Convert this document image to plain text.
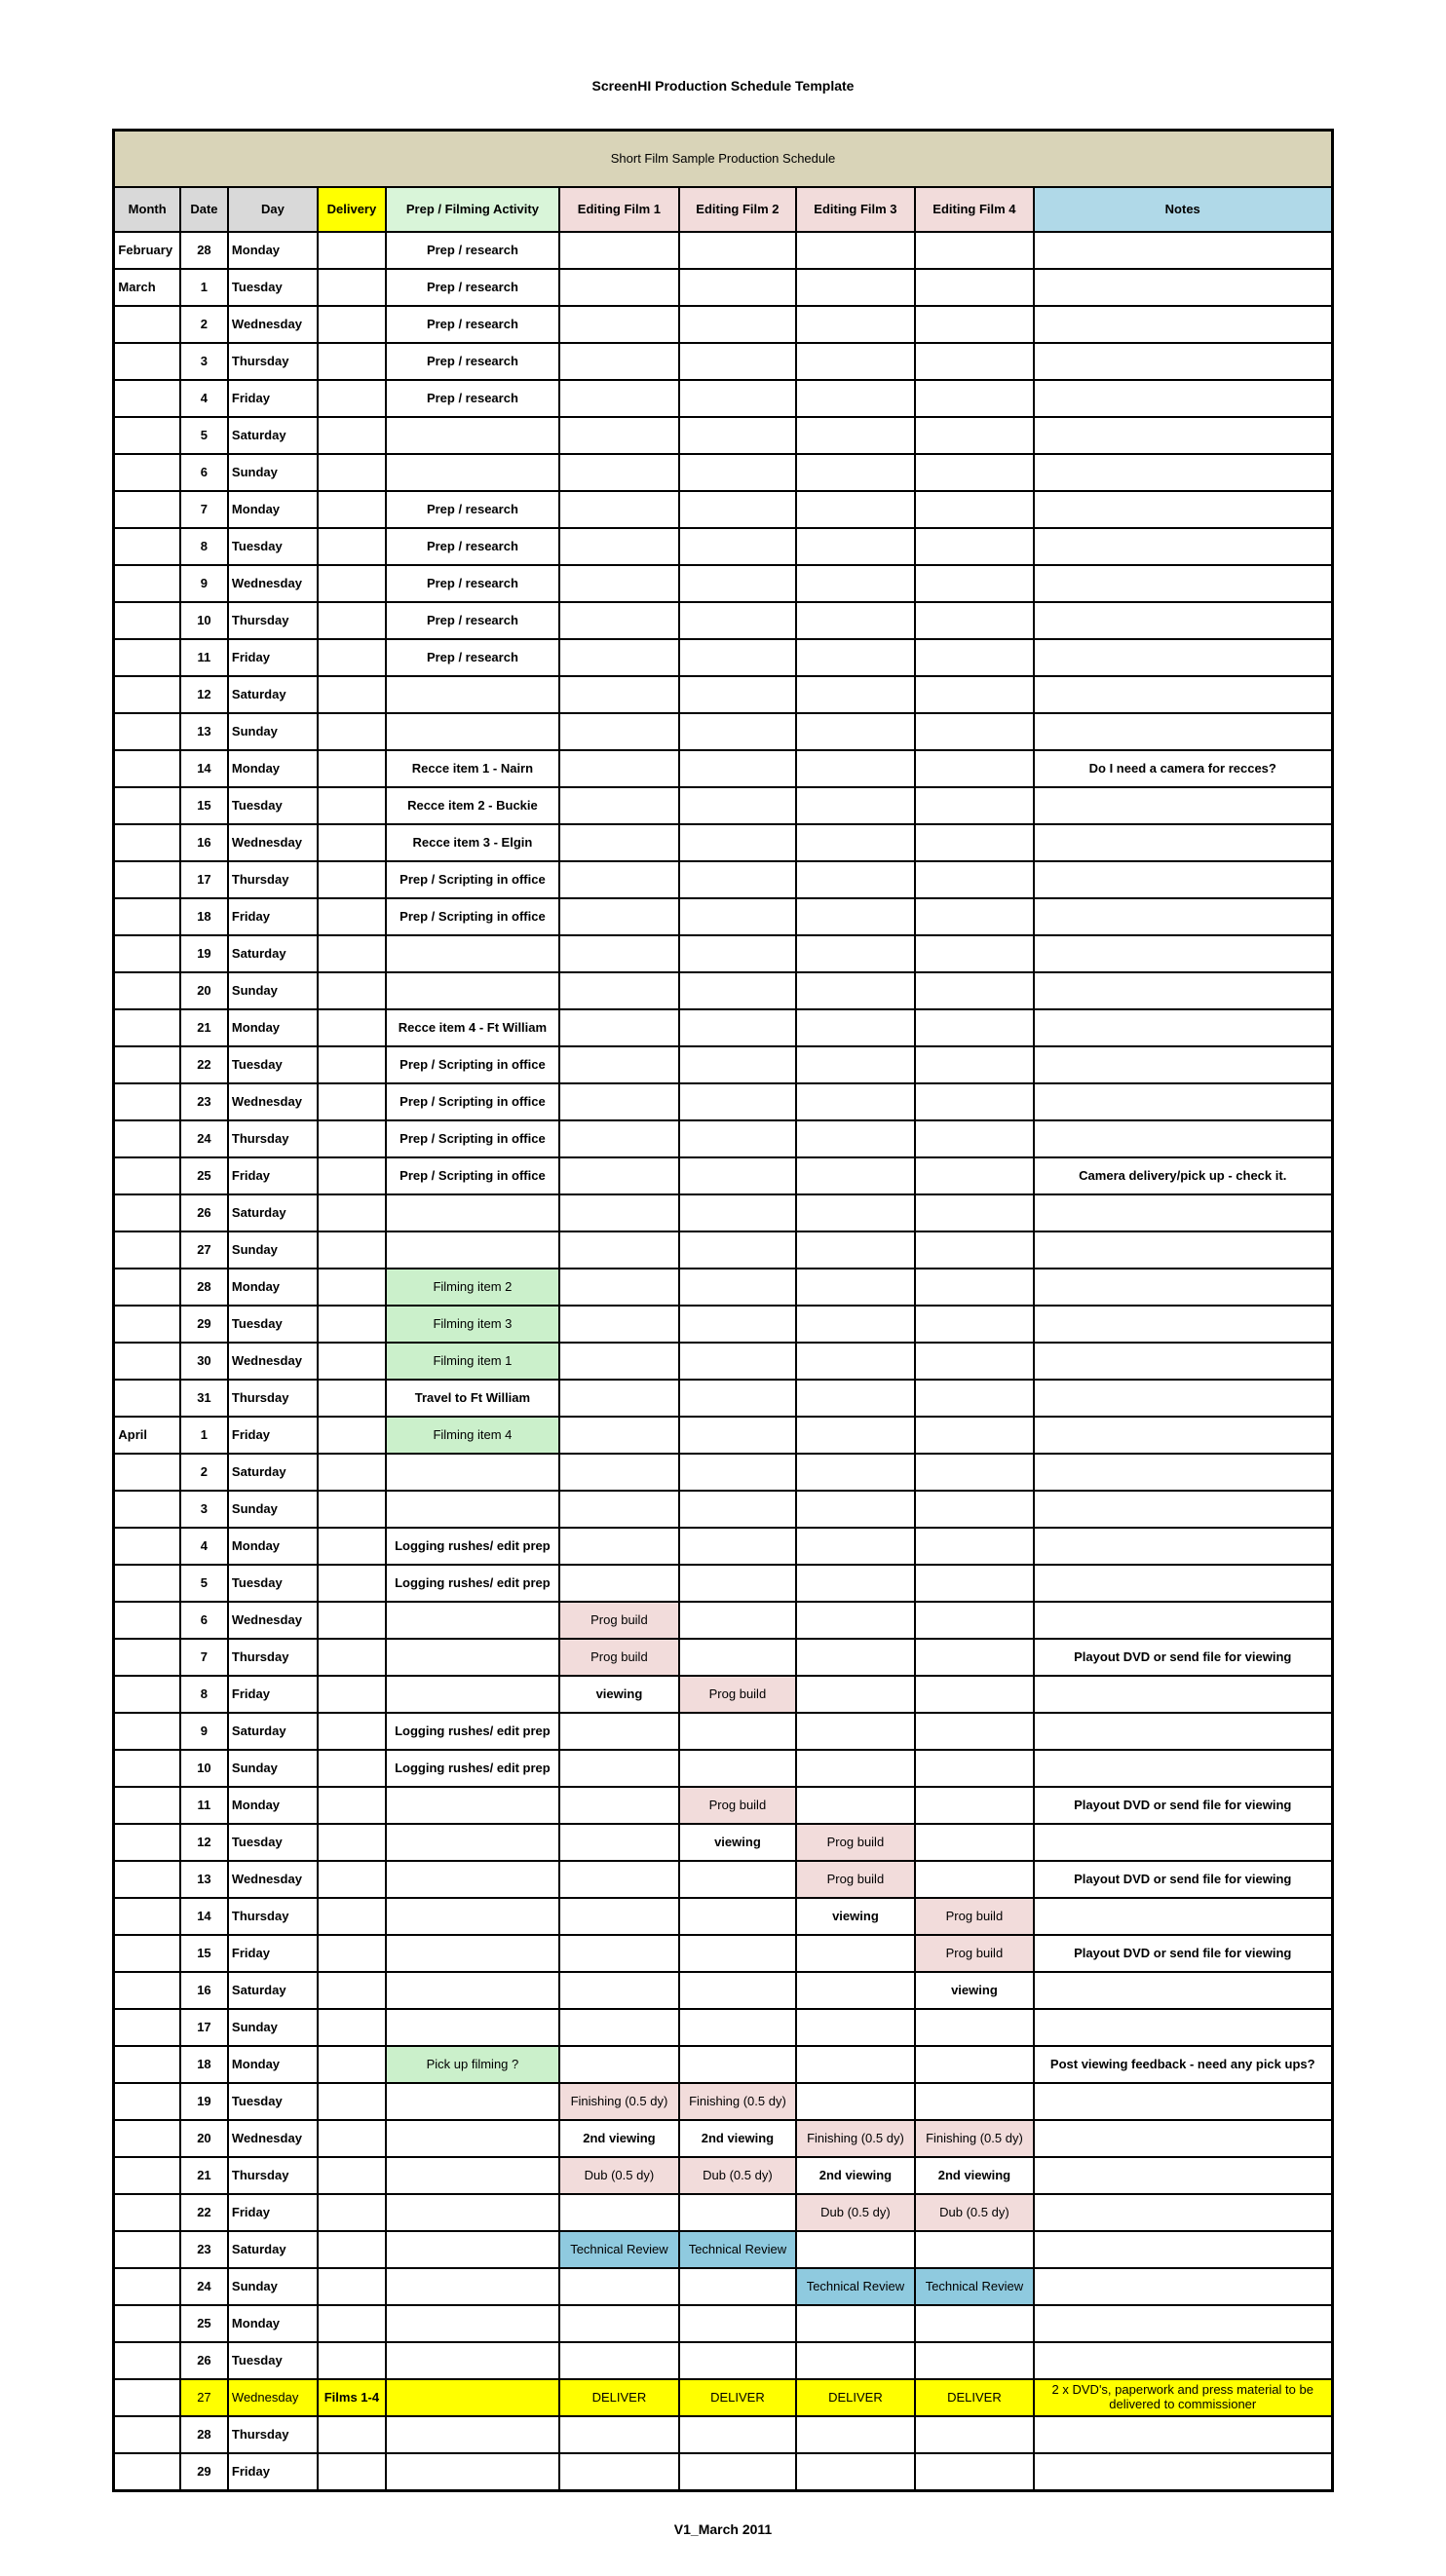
ScreenHI Production Schedule Template
Short Film Sample Production Schedule									
Month	Date	Day	Delivery	Prep / Filming Activity	Editing Film 1	Editing Film 2	Editing Film 3	Editing Film 4	Notes
February	28	Monday		Prep / research					
March	1	Tuesday		Prep / research					
	2	Wednesday		Prep / research					
	3	Thursday		Prep / research					
	4	Friday		Prep / research					
	5	Saturday							
	6	Sunday							
	7	Monday		Prep / research					
	8	Tuesday		Prep / research					
	9	Wednesday		Prep / research					
	10	Thursday		Prep / research					
	11	Friday		Prep / research					
	12	Saturday							
	13	Sunday							
	14	Monday		Recce item 1 - Nairn					Do I need a camera for recces?
	15	Tuesday		Recce item 2 - Buckie					
	16	Wednesday		Recce item 3 - Elgin					
	17	Thursday		Prep / Scripting in office					
	18	Friday		Prep / Scripting in office					
	19	Saturday							
	20	Sunday							
	21	Monday		Recce item 4 - Ft William					
	22	Tuesday		Prep / Scripting in office					
	23	Wednesday		Prep / Scripting in office					
	24	Thursday		Prep / Scripting in office					
	25	Friday		Prep / Scripting in office					Camera delivery/pick up - check it.
	26	Saturday							
	27	Sunday							
	28	Monday		Filming item 2					
	29	Tuesday		Filming item 3					
	30	Wednesday		Filming item 1					
	31	Thursday		Travel to Ft William					
April	1	Friday		Filming item 4					
	2	Saturday							
	3	Sunday							
	4	Monday		Logging rushes/ edit prep					
	5	Tuesday		Logging rushes/ edit prep					
	6	Wednesday			Prog build				
	7	Thursday			Prog build				Playout DVD or send file for viewing
	8	Friday			viewing	Prog build			
	9	Saturday		Logging rushes/ edit prep					
	10	Sunday		Logging rushes/ edit prep					
	11	Monday				Prog build			Playout DVD or send file for viewing
	12	Tuesday				viewing	Prog build		
	13	Wednesday					Prog build		Playout DVD or send file for viewing
	14	Thursday					viewing	Prog build	
	15	Friday						Prog build	Playout DVD or send file for viewing
	16	Saturday						viewing	
	17	Sunday							
	18	Monday		Pick up filming ?					Post viewing feedback - need any pick ups?
	19	Tuesday			Finishing (0.5 dy)	Finishing (0.5 dy)			
	20	Wednesday			2nd viewing	2nd viewing	Finishing (0.5 dy)	Finishing (0.5 dy)	
	21	Thursday			Dub (0.5 dy)	Dub (0.5 dy)	2nd viewing	2nd viewing	
	22	Friday					Dub (0.5 dy)	Dub (0.5 dy)	
	23	Saturday			Technical Review	Technical Review			
	24	Sunday					Technical Review	Technical Review	
	25	Monday							
	26	Tuesday							
	27	Wednesday	Films 1-4		DELIVER	DELIVER	DELIVER	DELIVER	2 x DVD's, paperwork and press material to be delivered to commissioner
	28	Thursday							
	29	Friday							
V1_March 2011
